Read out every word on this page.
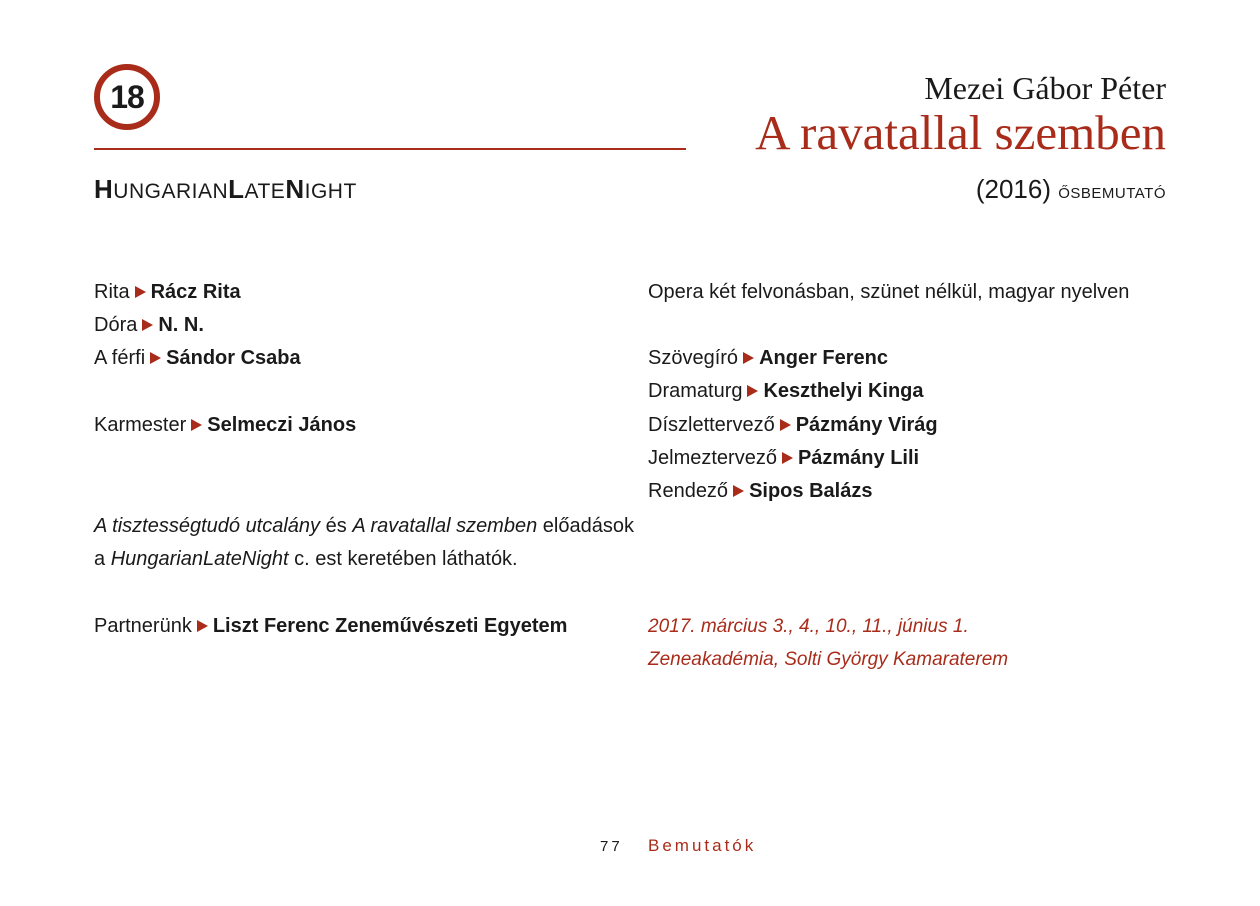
18	Mezei Gábor Péter
A ravatallal szemben
HUNGARIANLATENIGHT	(2016) ŐSBEMUTATÓ
Rita Rácz Rita
Dóra N. N.
A férfi Sándor Csaba
Karmester Selmeczi János
A tisztességtudó utcalány és A ravatallal szemben előadások
a HungarianLateNight c. est keretében láthatók.
Partnerünk Liszt Ferenc Zeneművészeti Egyetem
Opera két felvonásban, szünet nélkül, magyar nyelven
Szövegíró Anger Ferenc
Dramaturg Keszthelyi Kinga
Díszlettervező Pázmány Virág
Jelmeztervező Pázmány Lili
Rendező Sipos Balázs
2017. március 3., 4., 10., 11., június 1.
Zeneakadémia, Solti György Kamaraterem
77 Bemutatók
